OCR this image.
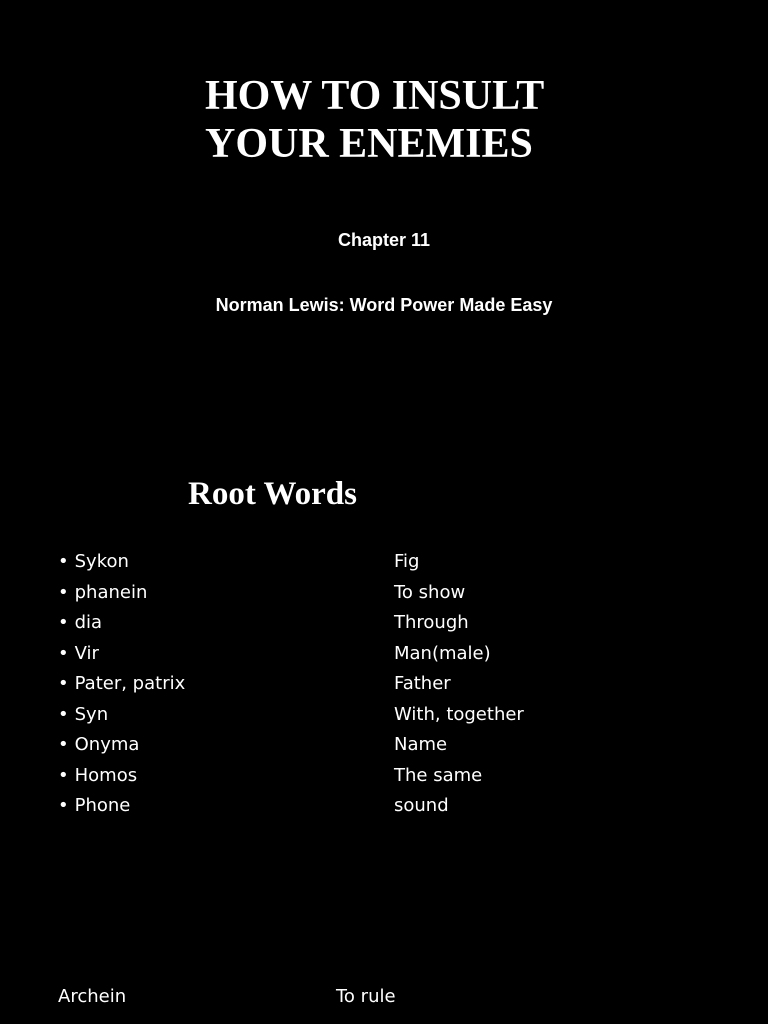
HOW TO INSULT
YOUR ENEMIES
Chapter 11
Norman Lewis: Word Power Made Easy
Root Words
• Sykon	Fig
• phanein	To show
• dia	Through
• Vir	Man(male)
• Pater, patrix	Father
• Syn	With, together
• Onyma	Name
• Homos	The same
• Phone	sound
Archein	To rule
